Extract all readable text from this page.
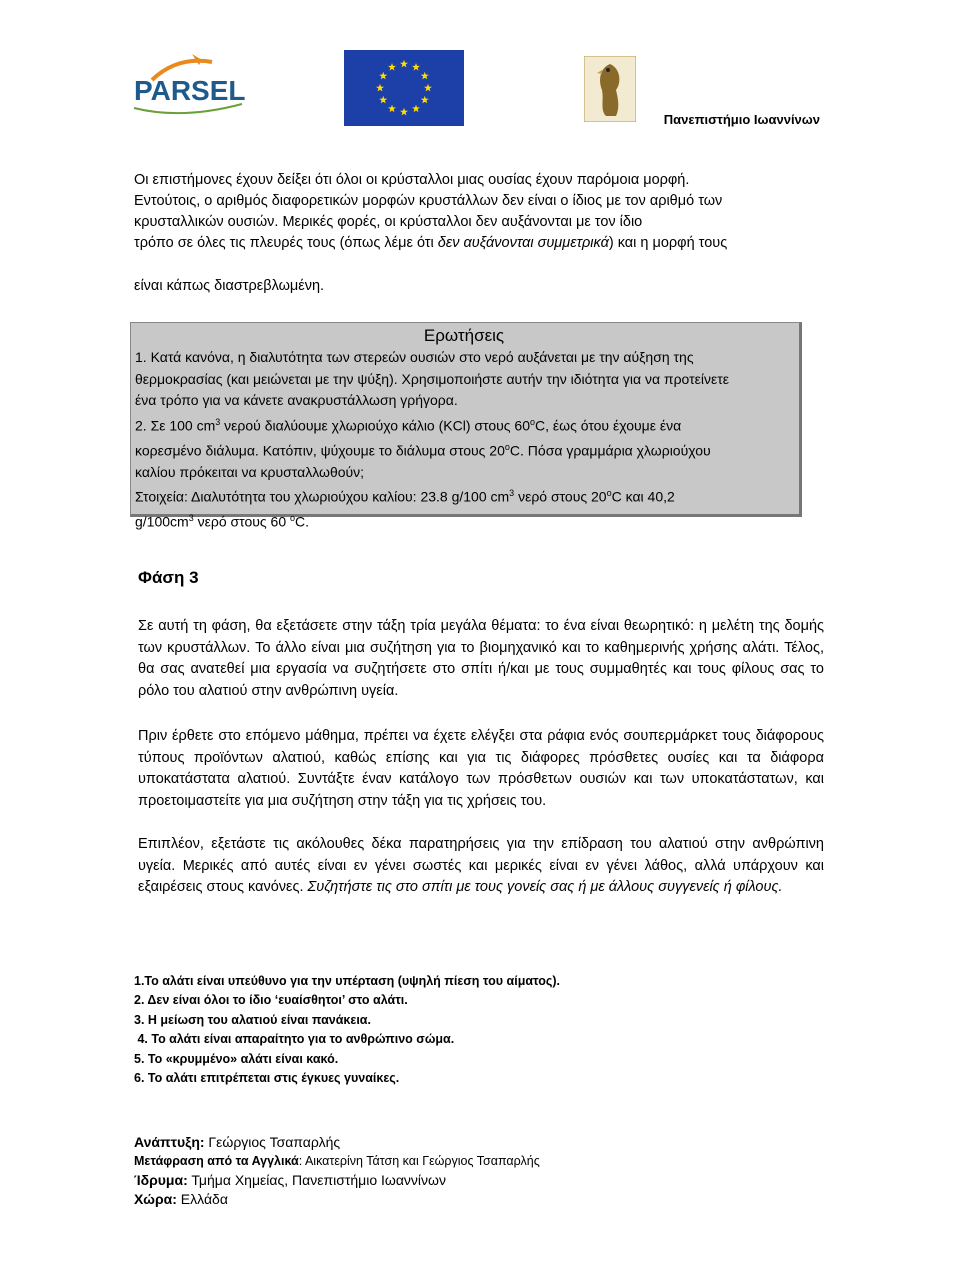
PARSEL
Πανεπιστήμιο Ιωαννίνων

Οι επιστήμονες έχουν δείξει ότι όλοι οι κρύσταλλοι μιας ουσίας έχουν παρόμοια μορφή.

Εντούτοις, ο αριθμός διαφορετικών μορφών κρυστάλλων δεν είναι ο ίδιος με τον αριθμό των

κρυσταλλικών ουσιών. Μερικές φορές, οι κρύσταλλοι δεν αυξάνονται με τον ίδιο

τρόπο σε όλες τις πλευρές τους (όπως λέμε ότι δεν αυξάνονται συμμετρικά) και η μορφή τους

είναι κάπως διαστρεβλωμένη.

Ερωτήσεις
1. Κατά κανόνα, η διαλυτότητα των στερεών ουσιών στο νερό αυξάνεται με την αύξηση της
θερμοκρασίας (και μειώνεται με την ψύξη). Χρησιμοποιήστε αυτήν την ιδιότητα για να προτείνετε
ένα τρόπο για να κάνετε ανακρυστάλλωση γρήγορα.
2. Σε 100 $cm^3$ νερού διαλύουμε χλωριούχο κάλιο (KCl) στους 60$^o$C, έως ότου έχουμε ένα
κορεσμένο διάλυμα. Κατόπιν, ψύχουμε το διάλυμα στους 20$^o$C. Πόσα γραμμάρια χλωριούχου
καλίου πρόκειται να κρυσταλλωθούν;
Στοιχεία: Διαλυτότητα του χλωριούχου καλίου: 23.8 g/100 $cm^3$ νερό στους 20$^o$C και 40,2
$g/100cm^3$ νερό στους 60 $^o$C.
Φάση 3

Σε αυτή τη φάση, θα εξετάσετε στην τάξη τρία μεγάλα θέματα: το ένα είναι θεωρητικό: η μελέτη της δομής των κρυστάλλων. Το άλλο είναι μια συζήτηση για το βιομηχανικό και το καθημερινής χρήσης αλάτι. Τέλος, θα σας ανατεθεί μια εργασία να συζητήσετε στο σπίτι ή/και με τους συμμαθητές και τους φίλους σας το ρόλο του αλατιού στην ανθρώπινη υγεία.

Πριν έρθετε στο επόμενο μάθημα, πρέπει να έχετε ελέγξει στα ράφια ενός σουπερμάρκετ τους διάφορους τύπους προϊόντων αλατιού, καθώς επίσης και για τις διάφορες πρόσθετες ουσίες και τα διάφορα υποκατάστατα αλατιού. Συντάξτε έναν κατάλογο των πρόσθετων ουσιών και των υποκατάστατων, και προετοιμαστείτε για μια συζήτηση στην τάξη για τις χρήσεις του.

Επιπλέον, εξετάστε τις ακόλουθες δέκα παρατηρήσεις για την επίδραση του αλατιού στην ανθρώπινη υγεία. Μερικές από αυτές είναι εν γένει σωστές και μερικές είναι εν γένει λάθος, αλλά υπάρχουν και εξαιρέσεις στους κανόνες. Συζητήστε τις στο σπίτι με τους γονείς σας ή με άλλους συγγενείς ή φίλους.

1.Το αλάτι είναι υπεύθυνο για την υπέρταση (υψηλή πίεση του αίματος).
2. Δεν είναι όλοι το ίδιο ‘ευαίσθητοι’ στο αλάτι.
3. Η μείωση του αλατιού είναι πανάκεια.
4. Το αλάτι είναι απαραίτητο για το ανθρώπινο σώμα.
5. Το «κρυμμένο» αλάτι είναι κακό.
6. Το αλάτι επιτρέπεται στις έγκυες γυναίκες.
Ανάπτυξη: Γεώργιος Τσαπαρλής
Μετάφραση από τα Αγγλικά: Αικατερίνη Τάτση και Γεώργιος Τσαπαρλής
Ίδρυμα: Τμήμα Χημείας, Πανεπιστήμιο Ιωαννίνων
Χώρα: Ελλάδα
